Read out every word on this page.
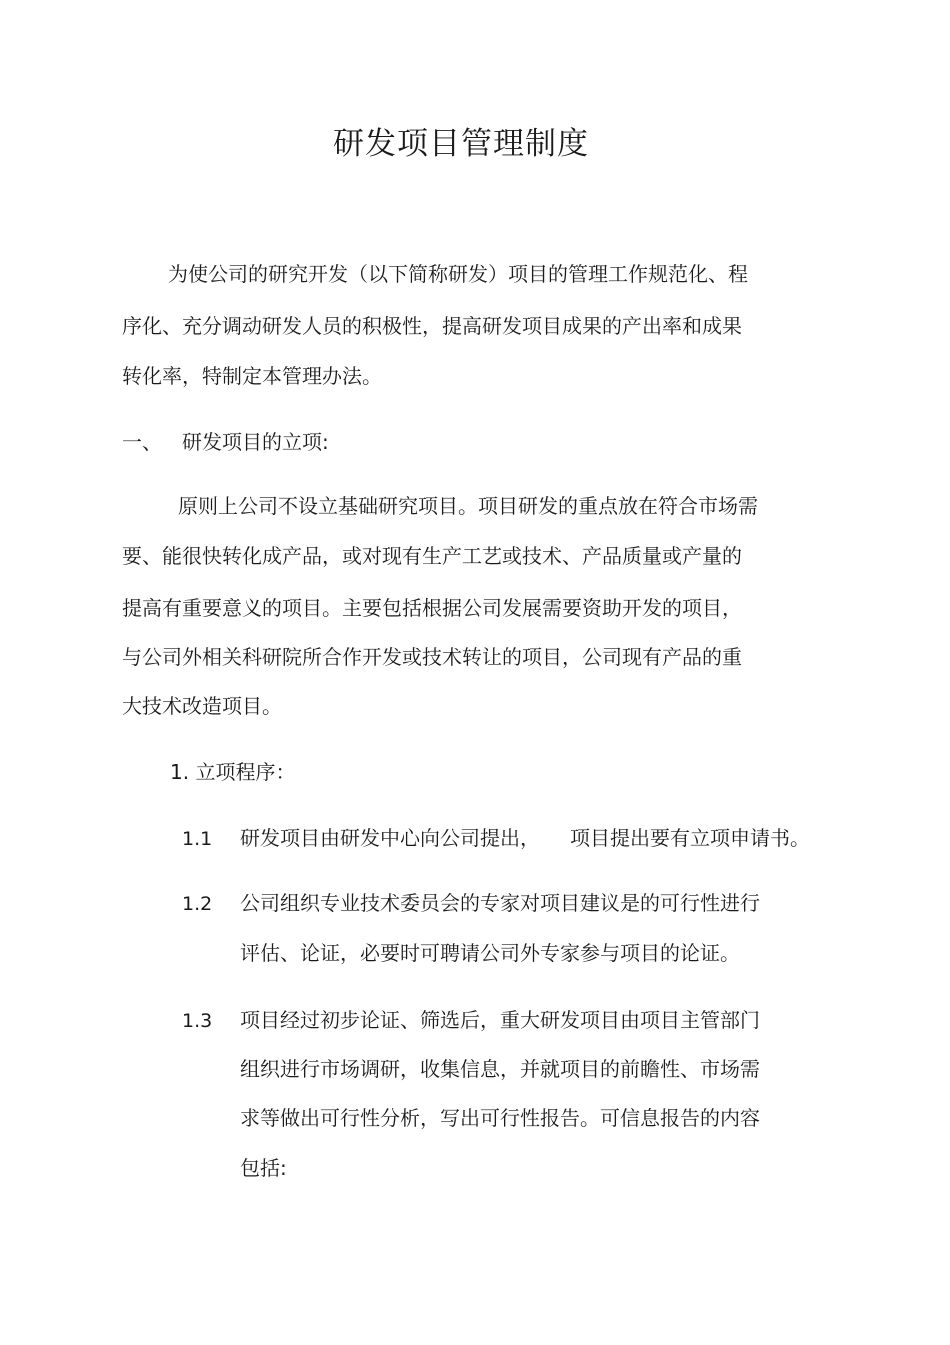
研发项目管理制度
为使公司的研究开发（以下简称研发）项目的管理工作规范化、程
序化、充分调动研发人员的积极性，提高研发项目成果的产出率和成果
转化率，特制定本管理办法。
一、 研发项目的立项:
原则上公司不设立基础研究项目。项目研发的重点放在符合市场需
要、能很快转化成产品，或对现有生产工艺或技术、产品质量或产量的
提高有重要意义的项目。主要包括根据公司发展需要资助开发的项目，
与公司外相关科研院所合作开发或技术转让的项目，公司现有产品的重
大技术改造项目。
1. 立项程序：
1.1 研发项目由研发中心向公司提出， 项目提出要有立项申请书。
1.2 公司组织专业技术委员会的专家对项目建议是的可行性进行
评估、论证，必要时可聘请公司外专家参与项目的论证。
1.3 项目经过初步论证、筛选后，重大研发项目由项目主管部门
组织进行市场调研，收集信息，并就项目的前瞻性、市场需
求等做出可行性分析，写出可行性报告。可信息报告的内容
包括:
